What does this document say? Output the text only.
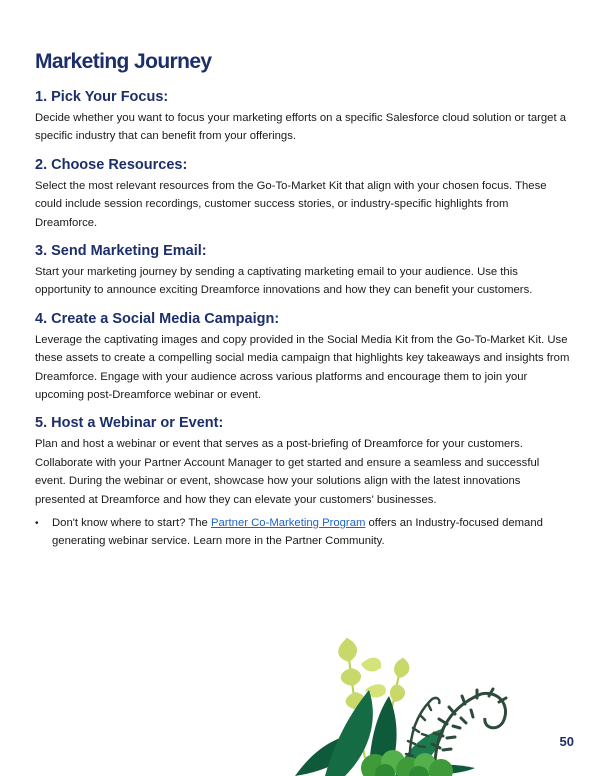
Marketing Journey
1. Pick Your Focus:

Decide whether you want to focus your marketing efforts on a specific Salesforce cloud solution or target a specific industry that can benefit from your offerings.

2. Choose Resources:

Select the most relevant resources from the Go-To-Market Kit that align with your chosen focus. These could include session recordings, customer success stories, or industry-specific highlights from Dreamforce.

3. Send Marketing Email:

Start your marketing journey by sending a captivating marketing email to your audience. Use this opportunity to announce exciting Dreamforce innovations and how they can benefit your customers.

4. Create a Social Media Campaign:

Leverage the captivating images and copy provided in the Social Media Kit from the Go-To-Market Kit. Use these assets to create a compelling social media campaign that highlights key takeaways and insights from Dreamforce. Engage with your audience across various platforms and encourage them to join your upcoming post-Dreamforce webinar or event.

5. Host a Webinar or Event:

Plan and host a webinar or event that serves as a post-briefing of Dreamforce for your customers. Collaborate with your Partner Account Manager to get started and ensure a seamless and successful event. During the webinar or event, showcase how your solutions align with the latest innovations presented at Dreamforce and how they can elevate your customers' businesses.

• Don't know where to start? The Partner Co-Marketing Program offers an Industry-focused demand generating webinar service. Learn more in the Partner Community.
50
